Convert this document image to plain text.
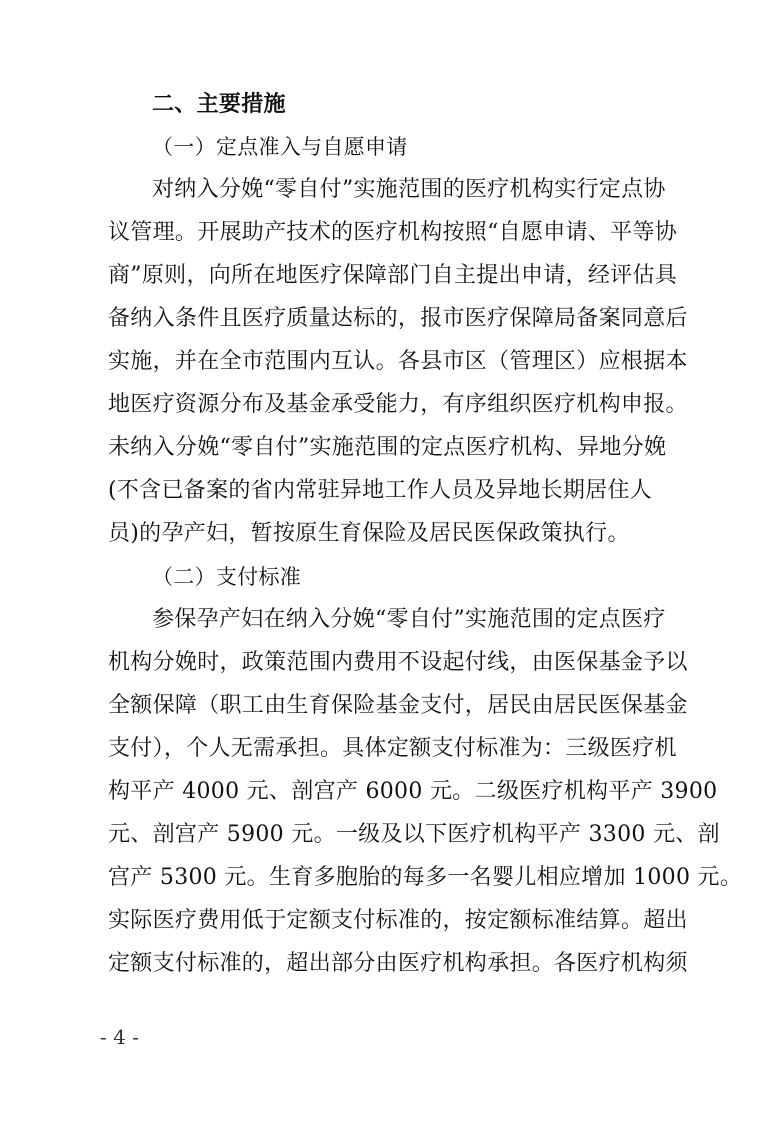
二、主要措施
（一）定点准入与自愿申请
对纳入分娩“零自付”实施范围的医疗机构实行定点协
议管理。开展助产技术的医疗机构按照“自愿申请、平等协
商”原则，向所在地医疗保障部门自主提出申请，经评估具
备纳入条件且医疗质量达标的，报市医疗保障局备案同意后
实施，并在全市范围内互认。各县市区（管理区）应根据本
地医疗资源分布及基金承受能力，有序组织医疗机构申报。
未纳入分娩“零自付”实施范围的定点医疗机构、异地分娩
(不含已备案的省内常驻异地工作人员及异地长期居住人
员)的孕产妇，暂按原生育保险及居民医保政策执行。
（二）支付标准
参保孕产妇在纳入分娩“零自付”实施范围的定点医疗
机构分娩时，政策范围内费用不设起付线，由医保基金予以
全额保障（职工由生育保险基金支付，居民由居民医保基金
支付），个人无需承担。具体定额支付标准为：三级医疗机
构平产 4000 元、剖宫产 6000 元。二级医疗机构平产 3900
元、剖宫产 5900 元。一级及以下医疗机构平产 3300 元、剖
宫产 5300 元。生育多胞胎的每多一名婴儿相应增加 1000 元。
实际医疗费用低于定额支付标准的，按定额标准结算。超出
定额支付标准的，超出部分由医疗机构承担。各医疗机构须
- 4 -
